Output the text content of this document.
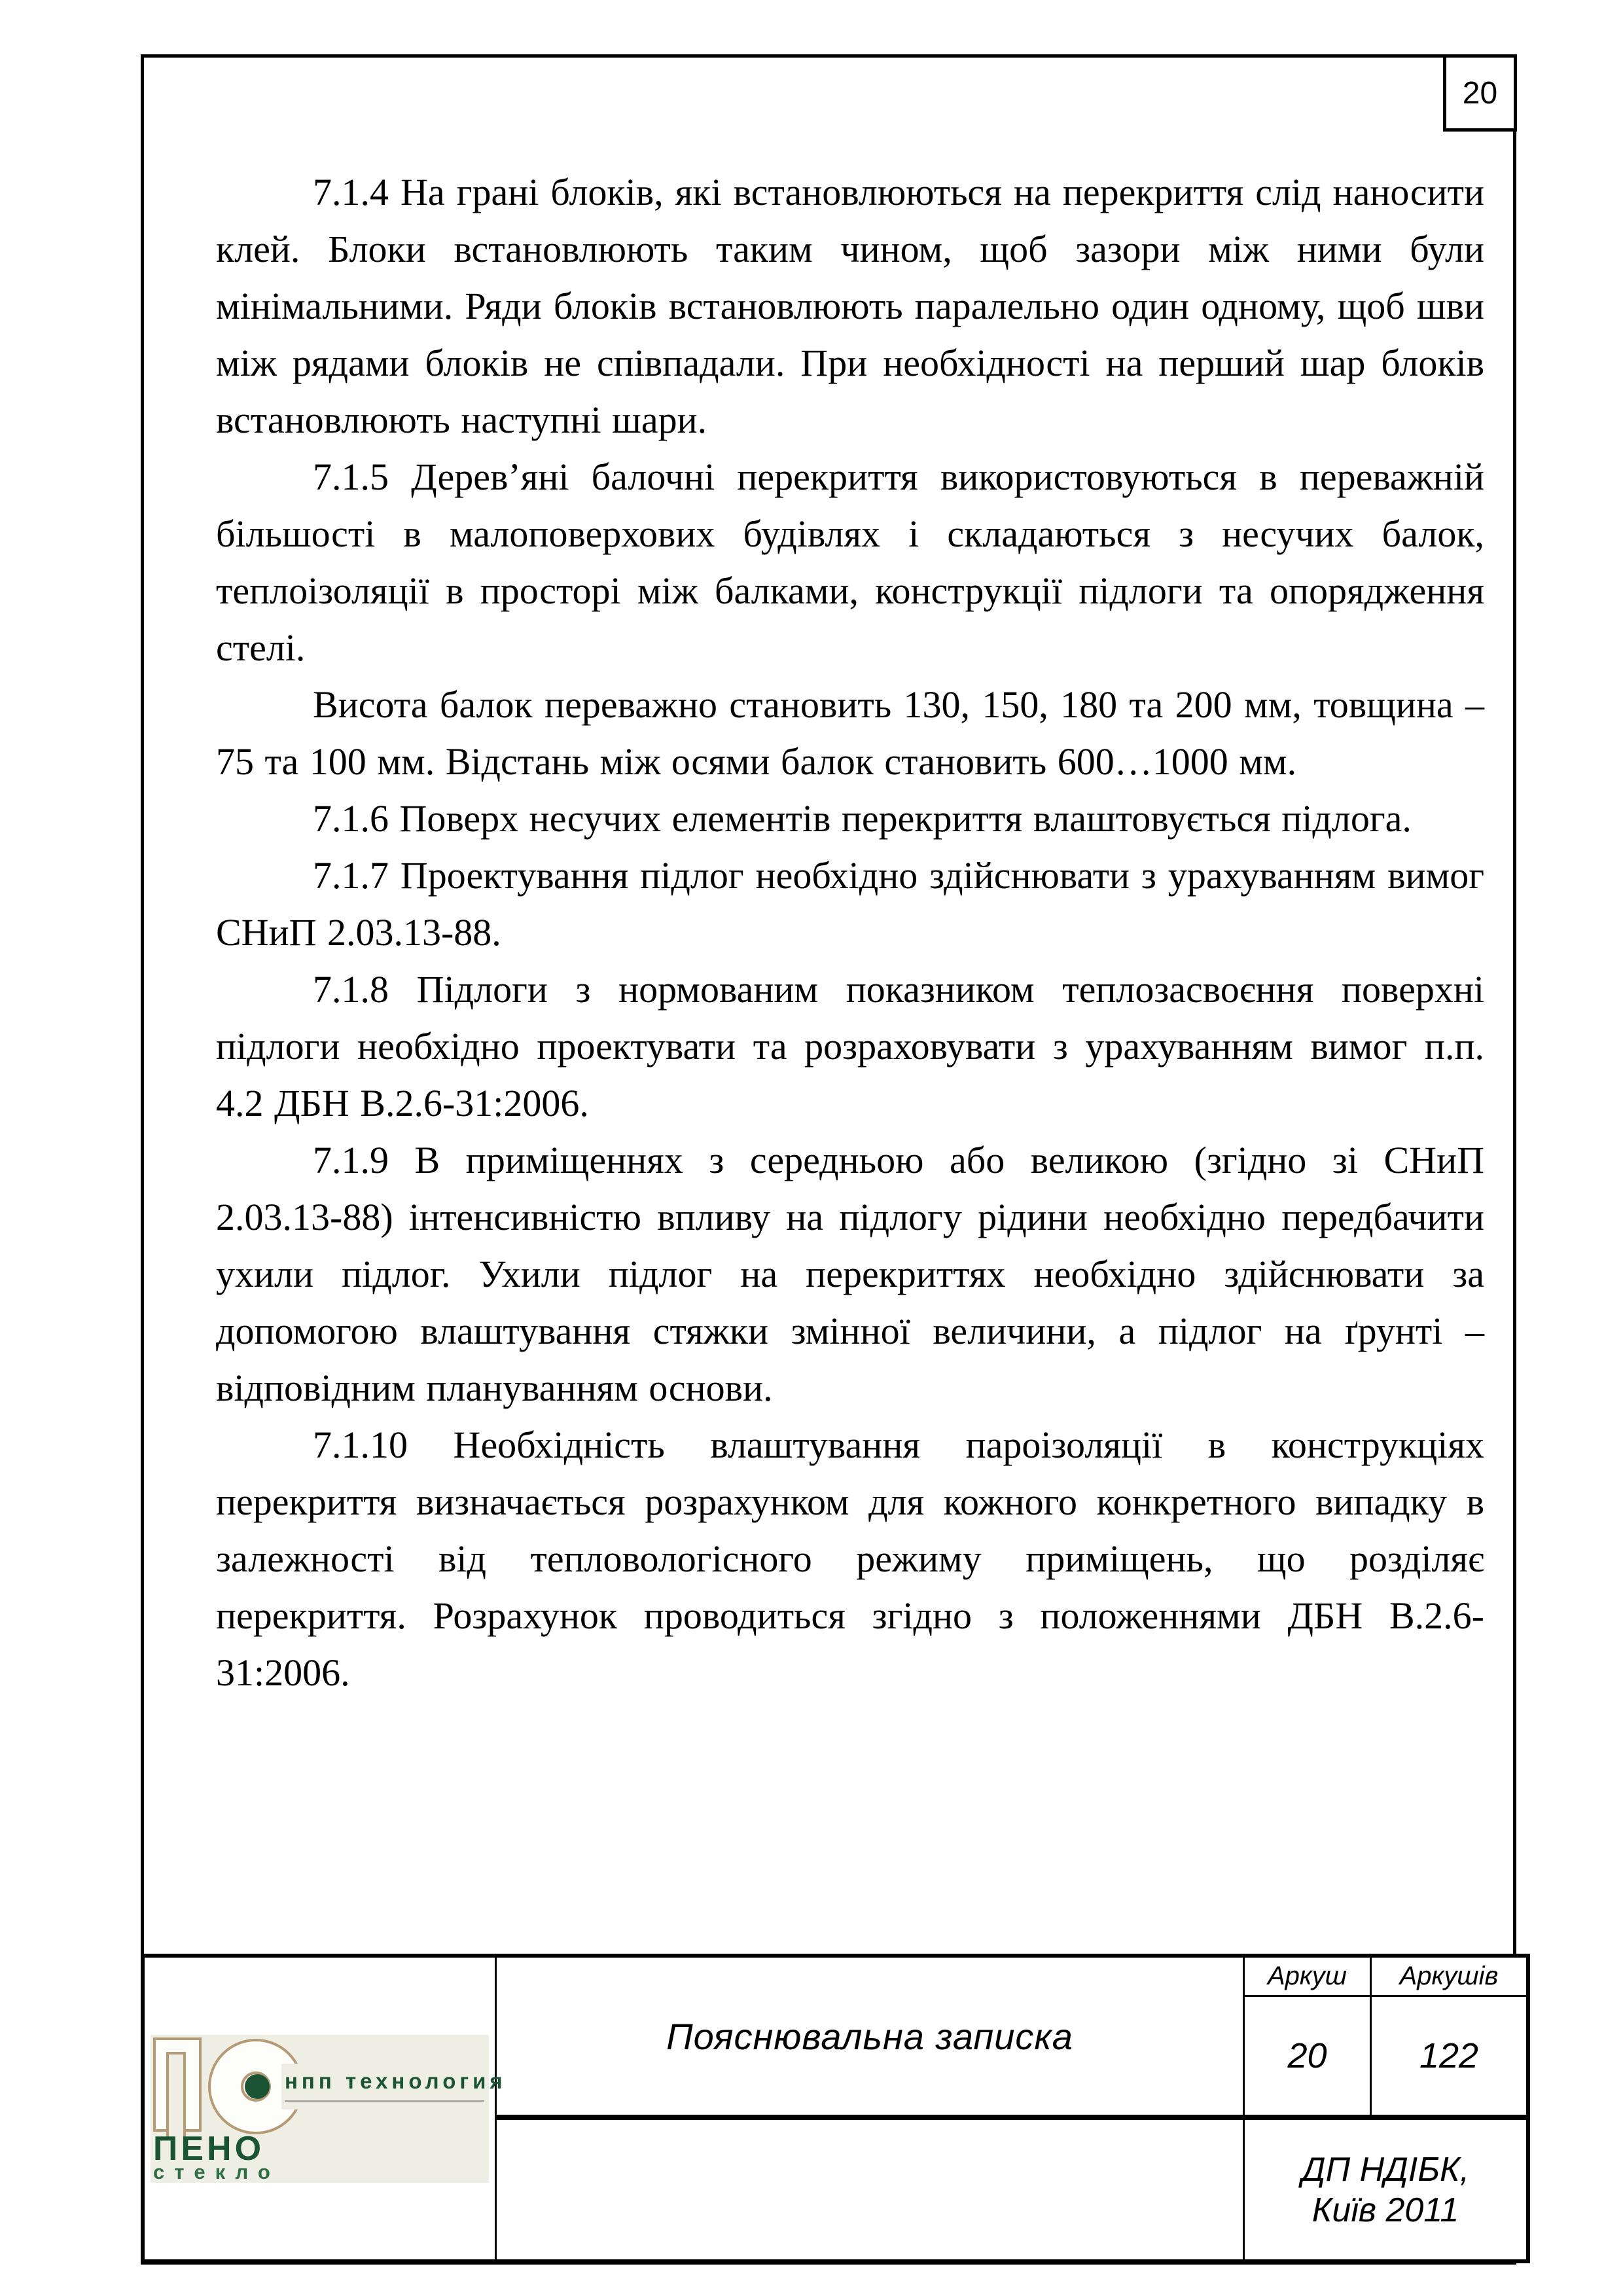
20

7.1.4 На грані блоків, які встановлюються на перекриття слід наносити клей. Блоки встановлюють таким чином, щоб зазори між ними були мінімальними. Ряди блоків встановлюють паралельно один одному, щоб шви між рядами блоків не співпадали. При необхідності на перший шар блоків встановлюють наступні шари.

7.1.5 Дерев’яні балочні перекриття використовуються в переважній більшості в малоповерхових будівлях і складаються з несучих балок, теплоізоляції в просторі між балками, конструкції підлоги та опорядження стелі.

Висота балок переважно становить 130, 150, 180 та 200 мм, товщина – 75 та 100 мм. Відстань між осями балок становить 600…1000 мм.

7.1.6 Поверх несучих елементів перекриття влаштовується підлога.

7.1.7 Проектування підлог необхідно здійснювати з урахуванням вимог СНиП 2.03.13-88.

7.1.8 Підлоги з нормованим показником теплозасвоєння поверхні підлоги необхідно проектувати та розраховувати з урахуванням вимог п.п. 4.2 ДБН В.2.6-31:2006.

7.1.9 В приміщеннях з середньою або великою (згідно зі СНиП 2.03.13-88) інтенсивністю впливу на підлогу рідини необхідно передбачити ухили підлог. Ухили підлог на перекриттях необхідно здійснювати за допомогою влаштування стяжки змінної величини, а підлог на ґрунті – відповідним плануванням основи.

7.1.10 Необхідність влаштування пароізоляції в конструкціях перекриття визначається розрахунком для кожного конкретного випадку в залежності від тепловологісного режиму приміщень, що розділяє перекриття. Розрахунок проводиться згідно з положеннями ДБН В.2.6-31:2006.

нпп технология
ПЕНО
стекло	Пояснювальна записка	Аркуш	Аркушів
		20	122

		ДП НДІБК,
Київ 2011	
